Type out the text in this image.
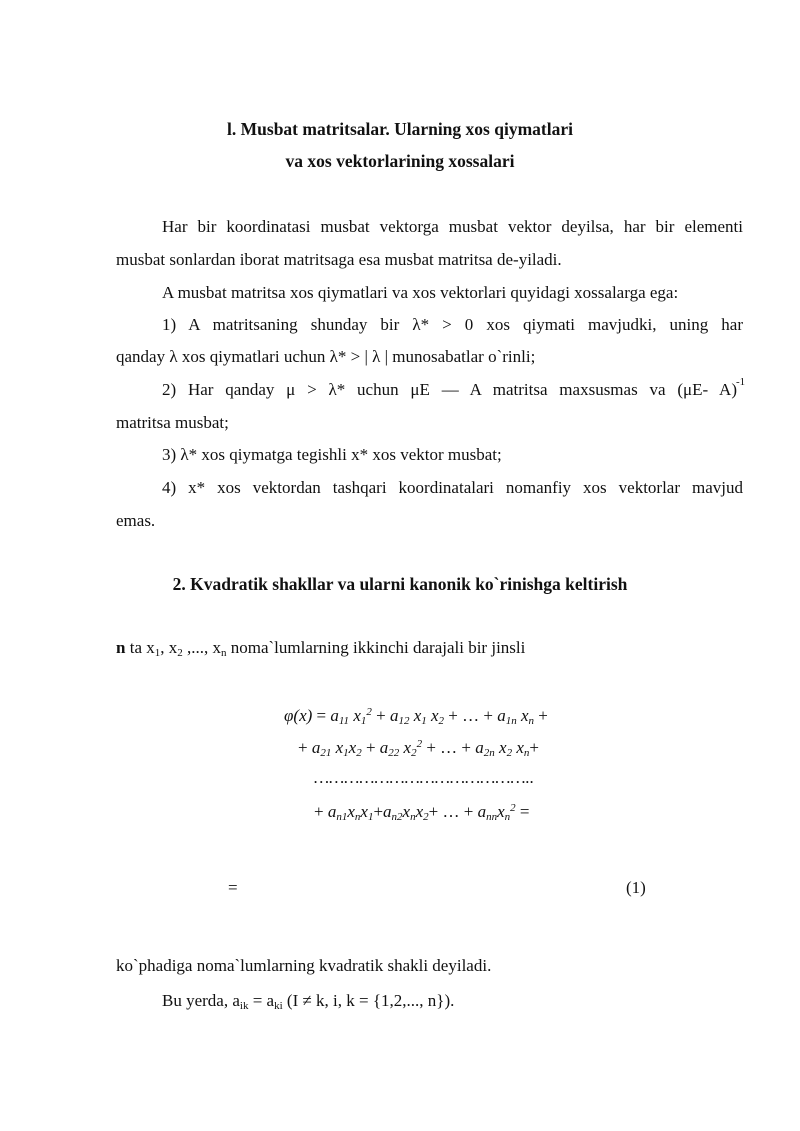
l. Musbat matritsalar. Ularning xos qiymatlari
va xos vektorlarining xossalari
Har bir koordinatasi musbat vektorga musbat vektor deyilsa, har bir elementi
musbat sonlardan iborat matritsaga esa musbat matritsa de-yiladi.
A musbat matritsa xos qiymatlari va xos vektorlari quyidagi xossalarga ega:
1) A matritsaning shunday bir λ* > 0 xos qiymati mavjudki, uning har
qanday λ xos qiymatlari uchun λ* > | λ | munosabatlar o`rinli;
2) Har qanday μ > λ* uchun μE — A matritsa maxsusmas va (μE- A) -1
matritsa musbat;
3) λ* xos qiymatga tegishli x* xos vektor musbat;
4) x* xos vektordan tashqari koordinatalari nomanfiy xos vektorlar mavjud
emas.
2. Kvadratik shakllar va ularni kanonik ko`rinishga keltirish
n ta $x_1$, $x_2$ ,..., $x_n$ noma`lumlarning ikkinchi darajali bir jinsli
$\varphi(x) = a_{11}$ $x_1^2 + a_{12}$ $x_1$ $x_2$ + … + $a_{1n}$ $x_n$ +
+ $a_{21}$ $x_1x_2 + a_{22}$ $x_2^2$ + … + $a_{2n}$ $x_2$ $x_n+$
……………………………………..
+ $a_{n1}x_nx_1+a_{n2}x_nx_2+$ … + $a_{nn}x_n^2$ =
=	(1)
ko`phadiga noma`lumlarning kvadratik shakli deyiladi.
Bu yerda, $a_{ik} = a_{ki}$ (I ≠ k, i, k = {1,2,..., n}).
